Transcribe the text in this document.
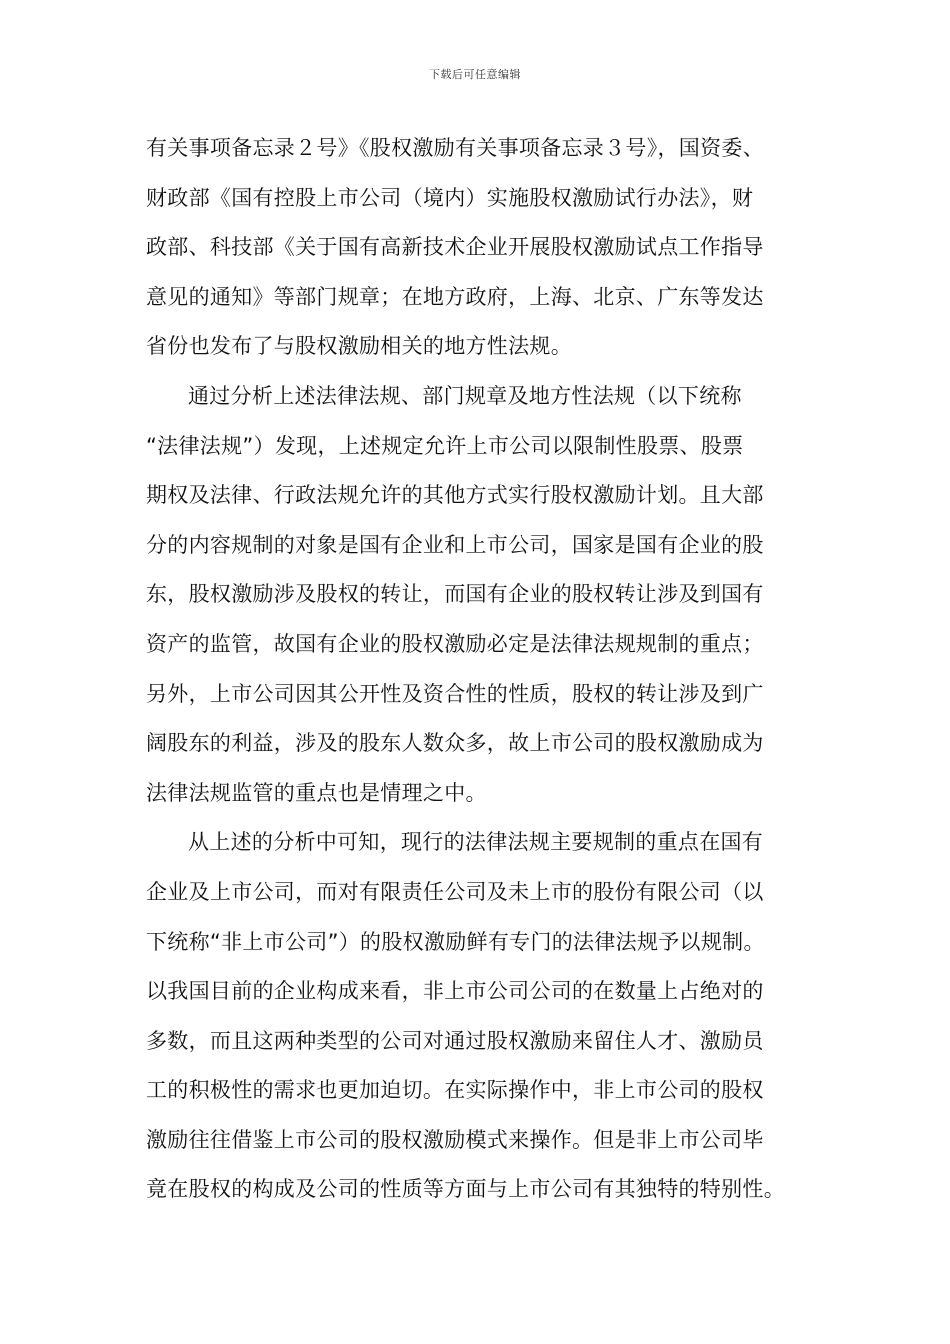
下载后可任意编辑
有关事项备忘录２号》《股权激励有关事项备忘录３号》，国资委、
财政部《国有控股上市公司（境内）实施股权激励试行办法》，财
政部、科技部《关于国有高新技术企业开展股权激励试点工作指导
意见的通知》等部门规章；在地方政府，上海、北京、广东等发达
省份也发布了与股权激励相关的地方性法规。
通过分析上述法律法规、部门规章及地方性法规（以下统称
“法律法规”）发现，上述规定允许上市公司以限制性股票、股票
期权及法律、行政法规允许的其他方式实行股权激励计划。且大部
分的内容规制的对象是国有企业和上市公司，国家是国有企业的股
东，股权激励涉及股权的转让，而国有企业的股权转让涉及到国有
资产的监管，故国有企业的股权激励必定是法律法规规制的重点；
另外，上市公司因其公开性及资合性的性质，股权的转让涉及到广
阔股东的利益，涉及的股东人数众多，故上市公司的股权激励成为
法律法规监管的重点也是情理之中。
从上述的分析中可知，现行的法律法规主要规制的重点在国有
企业及上市公司，而对有限责任公司及未上市的股份有限公司（以
下统称“非上市公司”）的股权激励鲜有专门的法律法规予以规制。
以我国目前的企业构成来看，非上市公司公司的在数量上占绝对的
多数，而且这两种类型的公司对通过股权激励来留住人才、激励员
工的积极性的需求也更加迫切。在实际操作中，非上市公司的股权
激励往往借鉴上市公司的股权激励模式来操作。但是非上市公司毕
竟在股权的构成及公司的性质等方面与上市公司有其独特的特别性。
